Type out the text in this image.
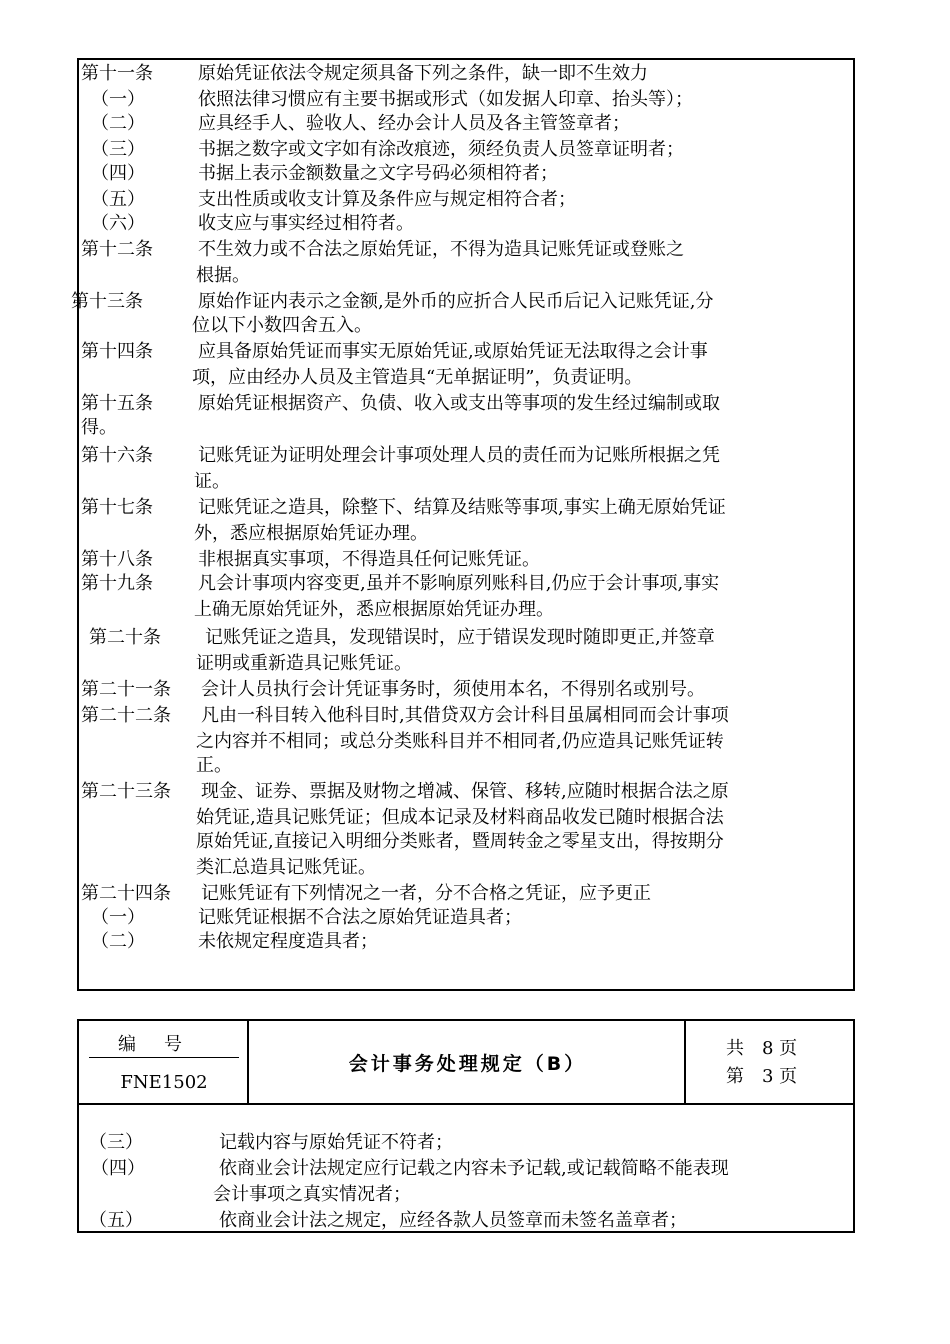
第十一条	原始凭证依法令规定须具备下列之条件，缺一即不生效力
（一）	依照法律习惯应有主要书据或形式（如发据人印章、抬头等）；
（二）	应具经手人、验收人、经办会计人员及各主管签章者；
（三）	书据之数字或文字如有涂改痕迹，须经负责人员签章证明者；
（四）	书据上表示金额数量之文字号码必须相符者；
（五）	支出性质或收支计算及条件应与规定相符合者；
（六）	收支应与事实经过相符者。
第十二条	不生效力或不合法之原始凭证，不得为造具记账凭证或登账之
根据。
第十三条	原始作证内表示之金额,是外币的应折合人民币后记入记账凭证,分
位以下小数四舍五入。
第十四条	应具备原始凭证而事实无原始凭证,或原始凭证无法取得之会计事
项，应由经办人员及主管造具“无单据证明”，负责证明。
第十五条	原始凭证根据资产、负债、收入或支出等事项的发生经过编制或取
得。
第十六条	记账凭证为证明处理会计事项处理人员的责任而为记账所根据之凭
证。
第十七条	记账凭证之造具，除整下、结算及结账等事项,事实上确无原始凭证
外，悉应根据原始凭证办理。
第十八条	非根据真实事项，不得造具任何记账凭证。
第十九条	凡会计事项内容变更,虽并不影响原列账科目,仍应于会计事项,事实
上确无原始凭证外，悉应根据原始凭证办理。
第二十条 记账凭证之造具，发现错误时，应于错误发现时随即更正,并签章
证明或重新造具记账凭证。
第二十一条 会计人员执行会计凭证事务时，须使用本名，不得别名或别号。
第二十二条 凡由一科目转入他科目时,其借贷双方会计科目虽属相同而会计事项
之内容并不相同；或总分类账科目并不相同者,仍应造具记账凭证转
正。
第二十三条 现金、证券、票据及财物之增减、保管、移转,应随时根据合法之原
始凭证,造具记账凭证；但成本记录及材料商品收发已随时根据合法
原始凭证,直接记入明细分类账者，暨周转金之零星支出，得按期分
类汇总造具记账凭证。
第二十四条 记账凭证有下列情况之一者，分不合格之凭证，应予更正
（一）	记账凭证根据不合法之原始凭证造具者；
（二）	未依规定程度造具者；
编号
FNE1502
会计事务处理规定（B）
共　8 页
第　3 页
（三）	记载内容与原始凭证不符者；
（四）	依商业会计法规定应行记载之内容未予记载,或记载简略不能表现
会计事项之真实情况者；
（五）	依商业会计法之规定，应经各款人员签章而未签名盖章者；
